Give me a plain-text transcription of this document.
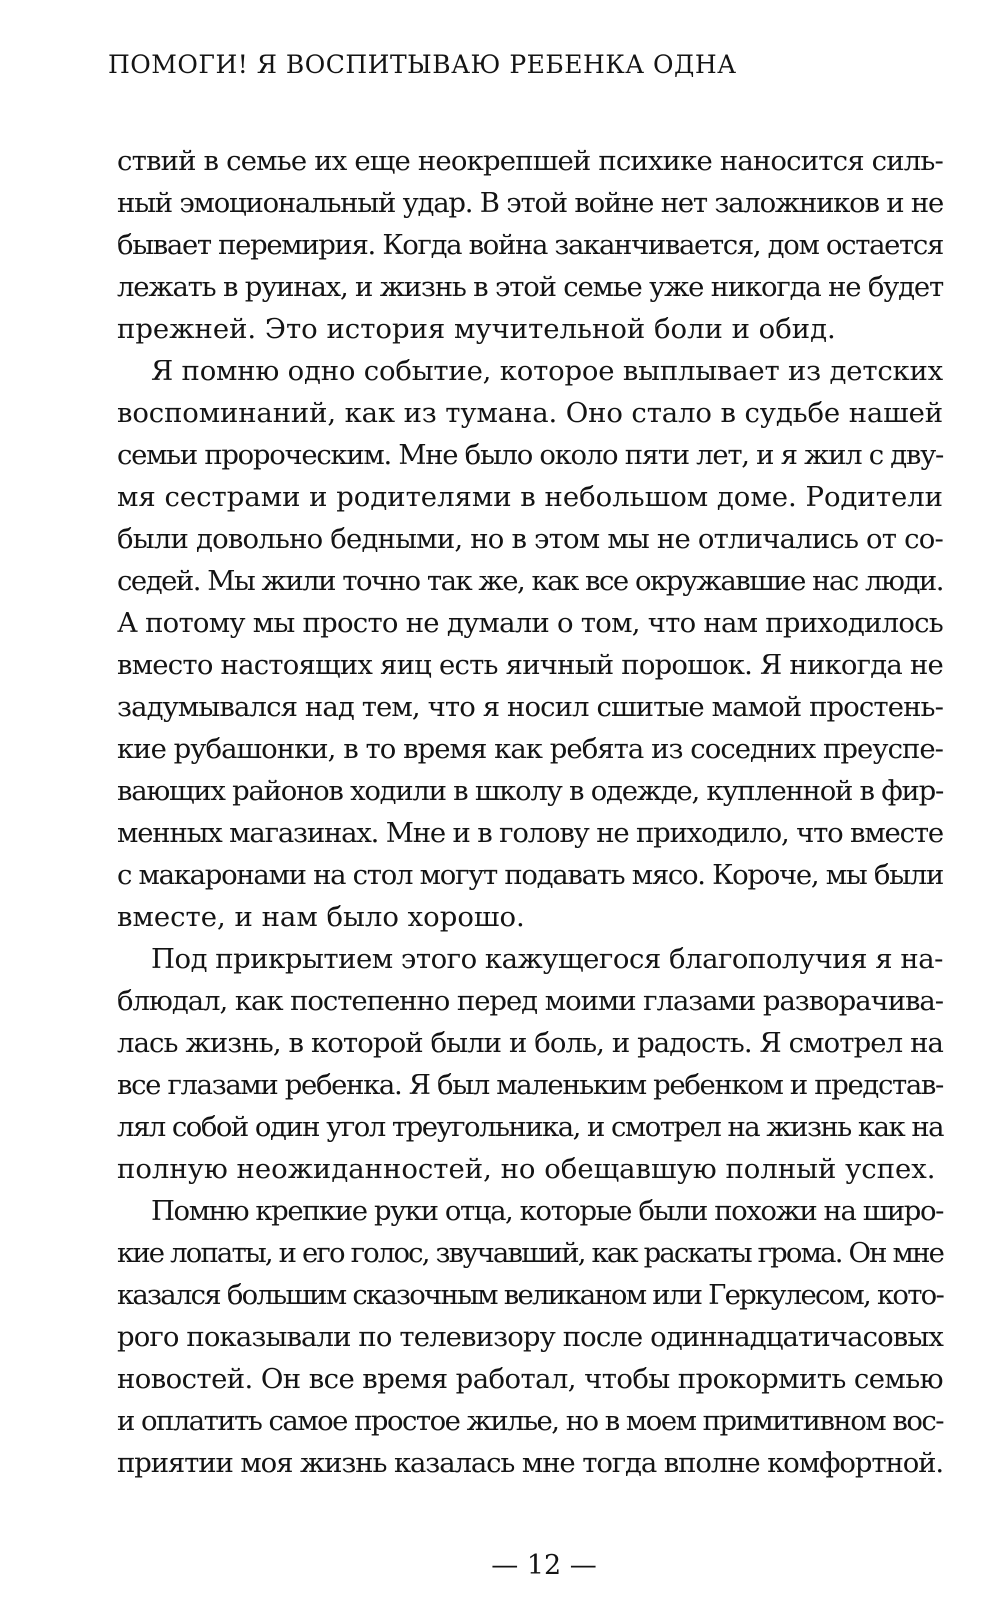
ПОМОГИ! Я ВОСПИТЫВАЮ РЕБЕНКА ОДНА

ствий в семье их еще неокрепшей психике наносится силь-
ный эмоциональный удар. В этой войне нет заложников и не
бывает перемирия. Когда война заканчивается, дом остается
лежать в руинах, и жизнь в этой семье уже никогда не будет
прежней. Это история мучительной боли и обид.

Я помню одно событие, которое выплывает из детских
воспоминаний, как из тумана. Оно стало в судьбе нашей
семьи пророческим. Мне было около пяти лет, и я жил с дву-
мя сестрами и родителями в небольшом доме. Родители
были довольно бедными, но в этом мы не отличались от со-
седей. Мы жили точно так же, как все окружавшие нас люди.
А потому мы просто не думали о том, что нам приходилось
вместо настоящих яиц есть яичный порошок. Я никогда не
задумывался над тем, что я носил сшитые мамой простень-
кие рубашонки, в то время как ребята из соседних преуспе-
вающих районов ходили в школу в одежде, купленной в фир-
менных магазинах. Мне и в голову не приходило, что вместе
с макаронами на стол могут подавать мясо. Короче, мы были
вместе, и нам было хорошо.

Под прикрытием этого кажущегося благополучия я на-
блюдал, как постепенно перед моими глазами разворачива-
лась жизнь, в которой были и боль, и радость. Я смотрел на
все глазами ребенка. Я был маленьким ребенком и представ-
лял собой один угол треугольника, и смотрел на жизнь как на
полную неожиданностей, но обещавшую полный успех.

Помню крепкие руки отца, которые были похожи на широ-
кие лопаты, и его голос, звучавший, как раскаты грома. Он мне
казался большим сказочным великаном или Геркулесом, кото-
рого показывали по телевизору после одиннадцатичасовых
новостей. Он все время работал, чтобы прокормить семью
и оплатить самое простое жилье, но в моем примитивном вос-
приятии моя жизнь казалась мне тогда вполне комфортной.

— 12 —
